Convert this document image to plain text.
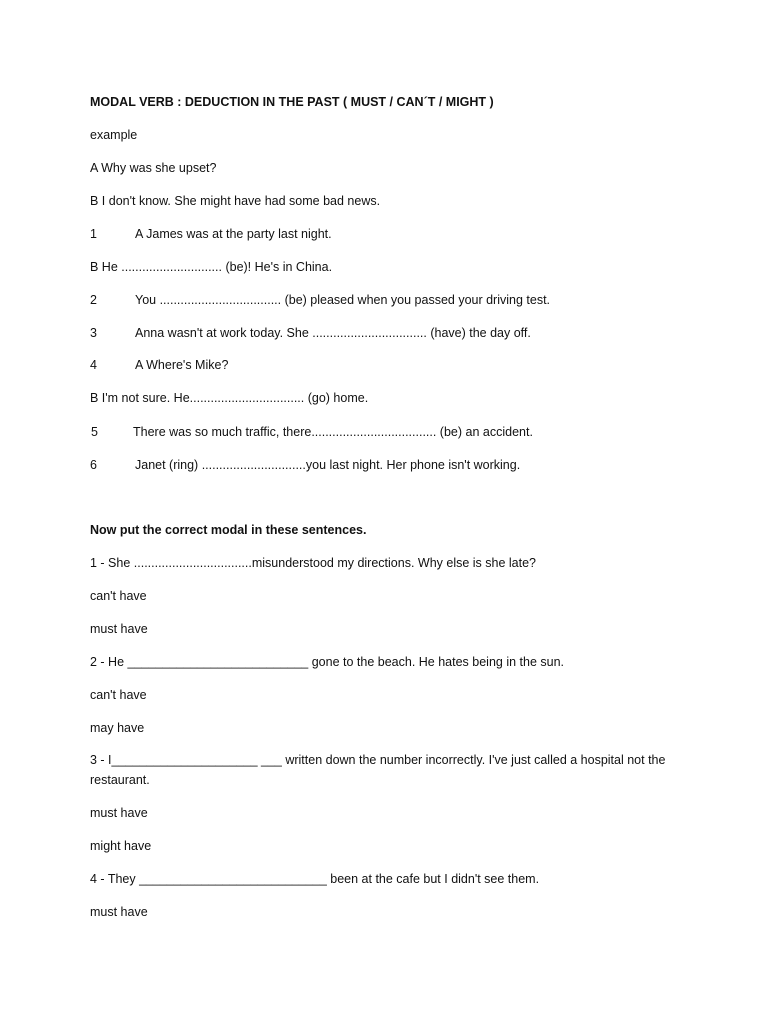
MODAL VERB : DEDUCTION IN THE PAST ( MUST / CAN´T / MIGHT )
example
A Why was she upset?
B I don't know. She might have had some bad news.
1	A James was at the party last night.
B He ............................. (be)! He's in China.
2	You ................................... (be) pleased when you passed your driving test.
3	Anna wasn't at work today. She ................................. (have) the day off.
4	A Where's Mike?
B I'm not sure. He................................. (go) home.
5	There was so much traffic, there.................................... (be) an accident.
6	Janet (ring) ..............................you last night. Her phone isn't working.
Now put the correct modal in these sentences.
1 - She ..................................misunderstood my directions. Why else is she late?
can't have
must have
2 - He __________________________ gone to the beach. He hates being in the sun.
can't have
may have
3 - I_____________________ ___ written down the number incorrectly. I've just called a hospital not the restaurant.
must have
might have
4 - They ___________________________ been at the cafe but I didn't see them.
must have
